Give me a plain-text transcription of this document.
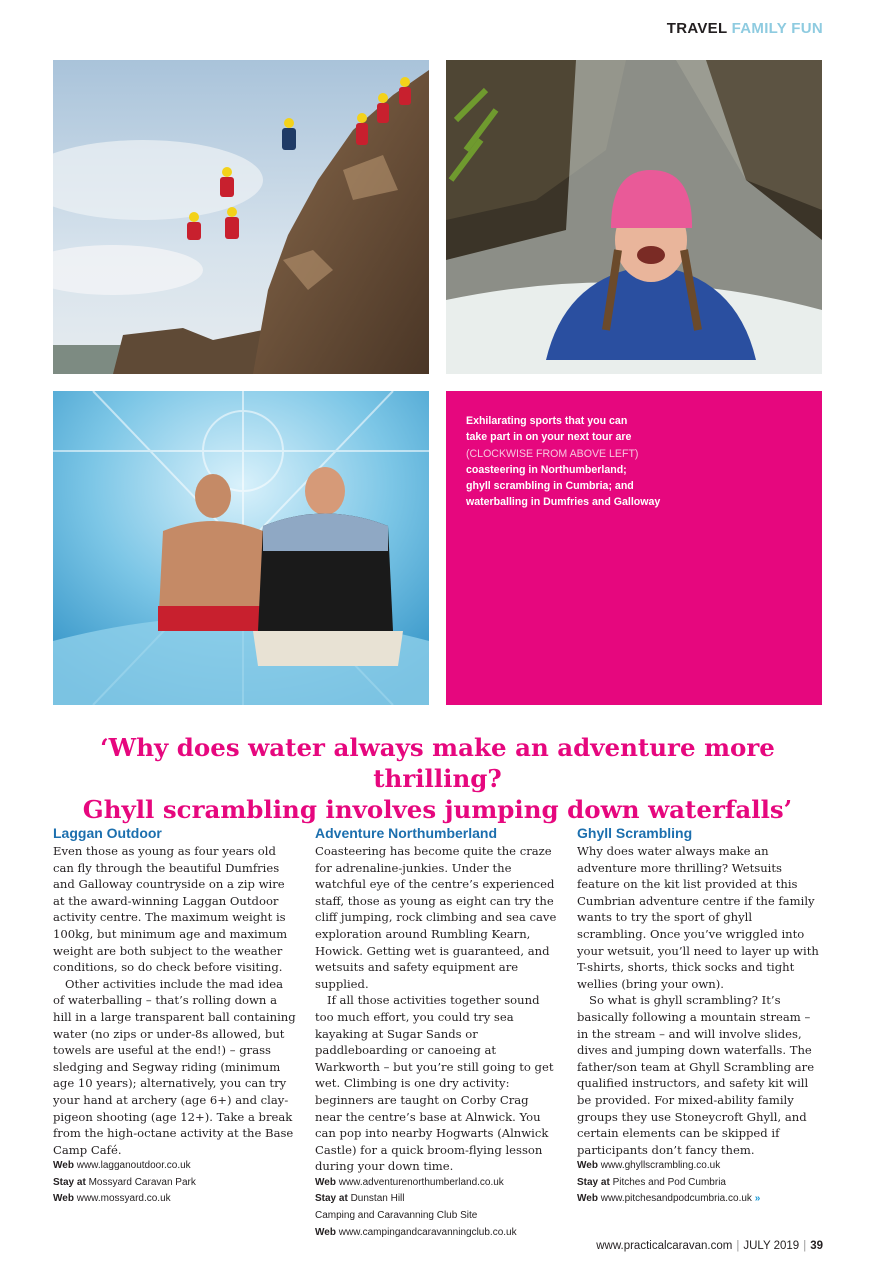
TRAVEL FAMILY FUN
Exhilarating sports that you can
take part in on your next tour are
(CLOCKWISE FROM ABOVE LEFT)
coasteering in Northumberland;
ghyll scrambling in Cumbria; and
waterballing in Dumfries and Galloway
‘Why does water always make an adventure more thrilling?
Ghyll scrambling involves jumping down waterfalls’
Laggan Outdoor

Even those as young as four years old can fly through the beautiful Dumfries and Galloway countryside on a zip wire at the award-winning Laggan Outdoor activity centre. The maximum weight is 100kg, but minimum age and maximum weight are both subject to the weather conditions, so do check before visiting.

Other activities include the mad idea of waterballing – that’s rolling down a hill in a large transparent ball containing water (no zips or under-8s allowed, but towels are useful at the end!) – grass sledging and Segway riding (minimum age 10 years); alternatively, you can try your hand at archery (age 6+) and clay-pigeon shooting (age 12+). Take a break from the high-octane activity at the Base Camp Café.

Web www.lagganoutdoor.co.uk
Stay at Mossyard Caravan Park
Web www.mossyard.co.uk
Adventure Northumberland

Coasteering has become quite the craze for adrenaline-junkies. Under the watchful eye of the centre’s experienced staff, those as young as eight can try the cliff jumping, rock climbing and sea cave exploration around Rumbling Kearn, Howick. Getting wet is guaranteed, and wetsuits and safety equipment are supplied.

If all those activities together sound too much effort, you could try sea kayaking at Sugar Sands or paddleboarding or canoeing at Warkworth – but you’re still going to get wet. Climbing is one dry activity: beginners are taught on Corby Crag near the centre’s base at Alnwick. You can pop into nearby Hogwarts (Alnwick Castle) for a quick broom-flying lesson during your down time.

Web www.adventurenorthumberland.co.uk
Stay at Dunstan Hill
Camping and Caravanning Club Site
Web www.campingandcaravanningclub.co.uk
Ghyll Scrambling

Why does water always make an adventure more thrilling? Wetsuits feature on the kit list provided at this Cumbrian adventure centre if the family wants to try the sport of ghyll scrambling. Once you’ve wriggled into your wetsuit, you’ll need to layer up with T-shirts, shorts, thick socks and tight wellies (bring your own).

So what is ghyll scrambling? It’s basically following a mountain stream – in the stream – and will involve slides, dives and jumping down waterfalls. The father/son team at Ghyll Scrambling are qualified instructors, and safety kit will be provided. For mixed-ability family groups they use Stoneycroft Ghyll, and certain elements can be skipped if participants don’t fancy them.

Web www.ghyllscrambling.co.uk
Stay at Pitches and Pod Cumbria
Web www.pitchesandpodcumbria.co.uk »
www.practicalcaravan.com | JULY 2019 | 39
